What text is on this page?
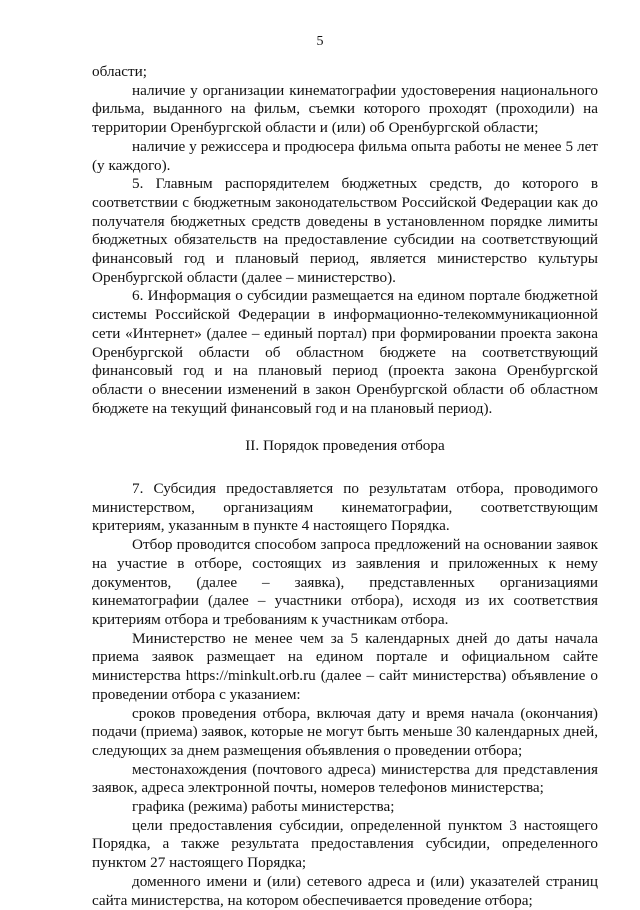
5

области;

наличие у организации кинематографии удостоверения национального фильма, выданного на фильм, съемки которого проходят (проходили) на территории Оренбургской области и (или) об Оренбургской области;

наличие у режиссера и продюсера фильма опыта работы не менее 5 лет (у каждого).

5. Главным распорядителем бюджетных средств, до которого в соответствии с бюджетным законодательством Российской Федерации как до получателя бюджетных средств доведены в установленном порядке лимиты бюджетных обязательств на предоставление субсидии на соответствующий финансовый год и плановый период, является министерство культуры Оренбургской области (далее – министерство).

6. Информация о субсидии размещается на едином портале бюджетной системы Российской Федерации в информационно-телекоммуникационной сети «Интернет» (далее – единый портал) при формировании проекта закона Оренбургской области об областном бюджете на соответствующий финансовый год и на плановый период (проекта закона Оренбургской области о внесении изменений в закон Оренбургской области об областном бюджете на текущий финансовый год и на плановый период).

II. Порядок проведения отбора

7. Субсидия предоставляется по результатам отбора, проводимого министерством, организациям кинематографии, соответствующим критериям, указанным в пункте 4 настоящего Порядка.

Отбор проводится способом запроса предложений на основании заявок на участие в отборе, состоящих из заявления и приложенных к нему документов, (далее – заявка), представленных организациями кинематографии (далее – участники отбора), исходя из их соответствия критериям отбора и требованиям к участникам отбора.

Министерство не менее чем за 5 календарных дней до даты начала приема заявок размещает на едином портале и официальном сайте министерства https://minkult.orb.ru (далее – сайт министерства) объявление о проведении отбора с указанием:

сроков проведения отбора, включая дату и время начала (окончания) подачи (приема) заявок, которые не могут быть меньше 30 календарных дней, следующих за днем размещения объявления о проведении отбора;

местонахождения (почтового адреса) министерства для представления заявок, адреса электронной почты, номеров телефонов министерства;

графика (режима) работы министерства;

цели предоставления субсидии, определенной пунктом 3 настоящего Порядка, а также результата предоставления субсидии, определенного пунктом 27 настоящего Порядка;

доменного имени и (или) сетевого адреса и (или) указателей страниц сайта министерства, на котором обеспечивается проведение отбора;
